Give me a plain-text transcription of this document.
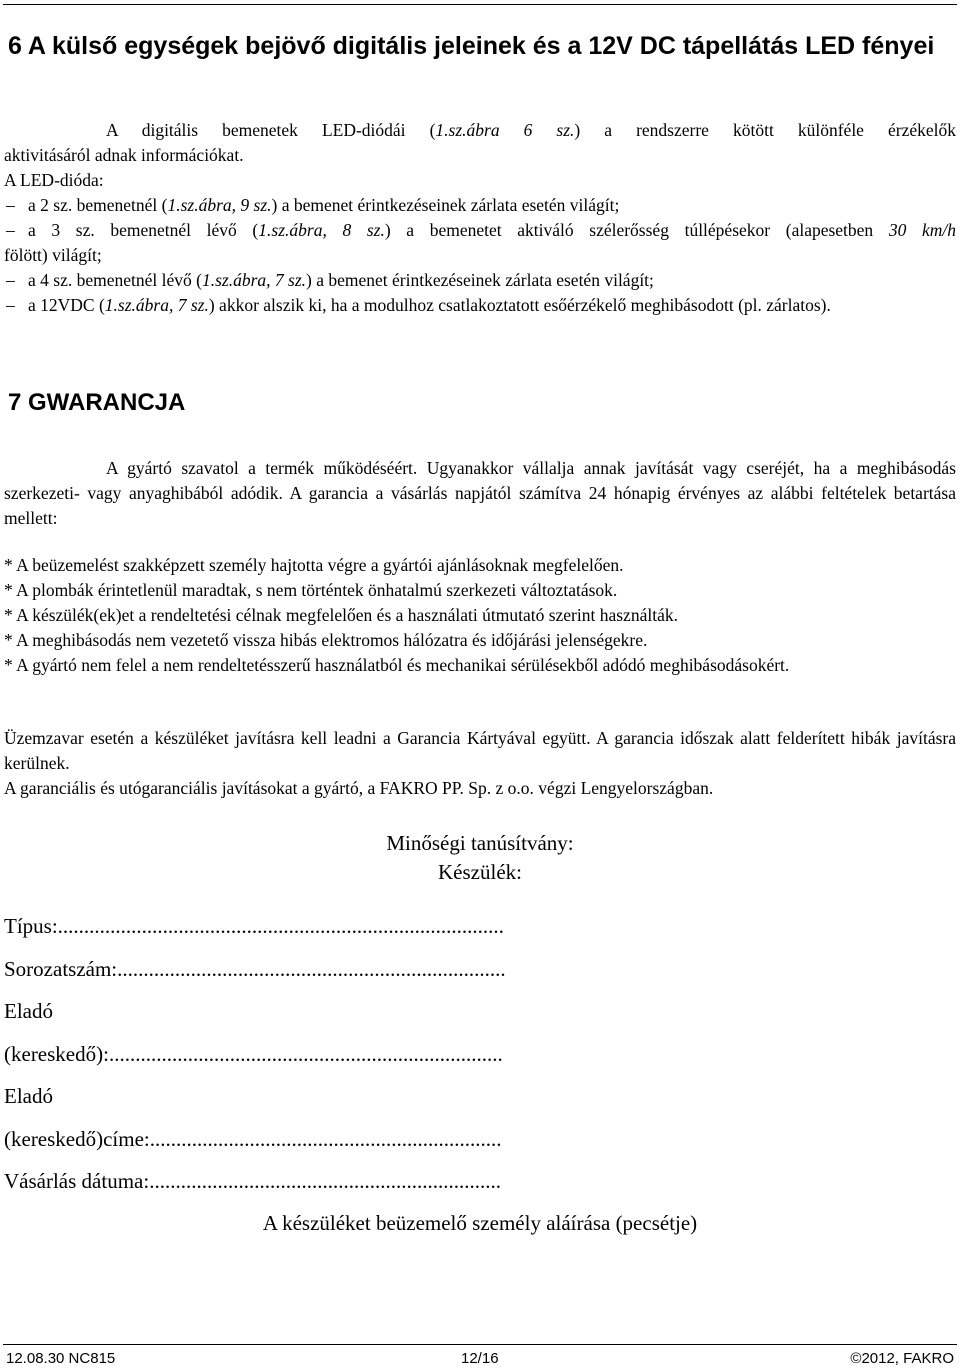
6 A külső egységek bejövő digitális jeleinek és a 12V DC tápellátás LED fényei

A digitális bemenetek LED-diódái (1.sz.ábra 6 sz.) a rendszerre kötött különféle érzékelők

aktivitásáról adnak információkat.

A LED-dióda:

– a 2 sz. bemenetnél (1.sz.ábra, 9 sz.) a bemenet érintkezéseinek zárlata esetén világít;

– a 3 sz. bemenetnél lévő (1.sz.ábra, 8 sz.) a bemenetet aktiváló szélerősség túllépésekor (alapesetben 30 km/h

fölött) világít;

– a 4 sz. bemenetnél lévő (1.sz.ábra, 7 sz.) a bemenet érintkezéseinek zárlata esetén világít;

– a 12VDC (1.sz.ábra, 7 sz.) akkor alszik ki, ha a modulhoz csatlakoztatott esőérzékelő meghibásodott (pl. zárlatos).

7 GWARANCJA

A gyártó szavatol a termék működéséért. Ugyanakkor vállalja annak javítását vagy cseréjét, ha a meghibásodás szerkezeti- vagy anyaghibából adódik. A garancia a vásárlás napjától számítva 24 hónapig érvényes az alábbi feltételek betartása mellett:

* A beüzemelést szakképzett személy hajtotta végre a gyártói ajánlásoknak megfelelően.

* A plombák érintetlenül maradtak, s nem történtek önhatalmú szerkezeti változtatások.

* A készülék(ek)et a rendeltetési célnak megfelelően és a használati útmutató szerint használták.

* A meghibásodás nem vezetető vissza hibás elektromos hálózatra és időjárási jelenségekre.

* A gyártó nem felel a nem rendeltetésszerű használatból és mechanikai sérülésekből adódó meghibásodásokért.

Üzemzavar esetén a készüléket javításra kell leadni a Garancia Kártyával együtt. A garancia időszak alatt felderített hibák javításra kerülnek.

A garanciális és utógaranciális javításokat a gyártó, a FAKRO PP. Sp. z o.o. végzi Lengyelországban.

Minőségi tanúsítvány:
Készülék:
Típus:.....................................................................................
Sorozatszám:..........................................................................
Eladó
(kereskedő):...........................................................................
Eladó
(kereskedő)címe:...................................................................
Vásárlás dátuma:...................................................................
A készüléket beüzemelő személy aláírása (pecsétje)
12.08.30 NC815	12/16	©2012, FAKRO
